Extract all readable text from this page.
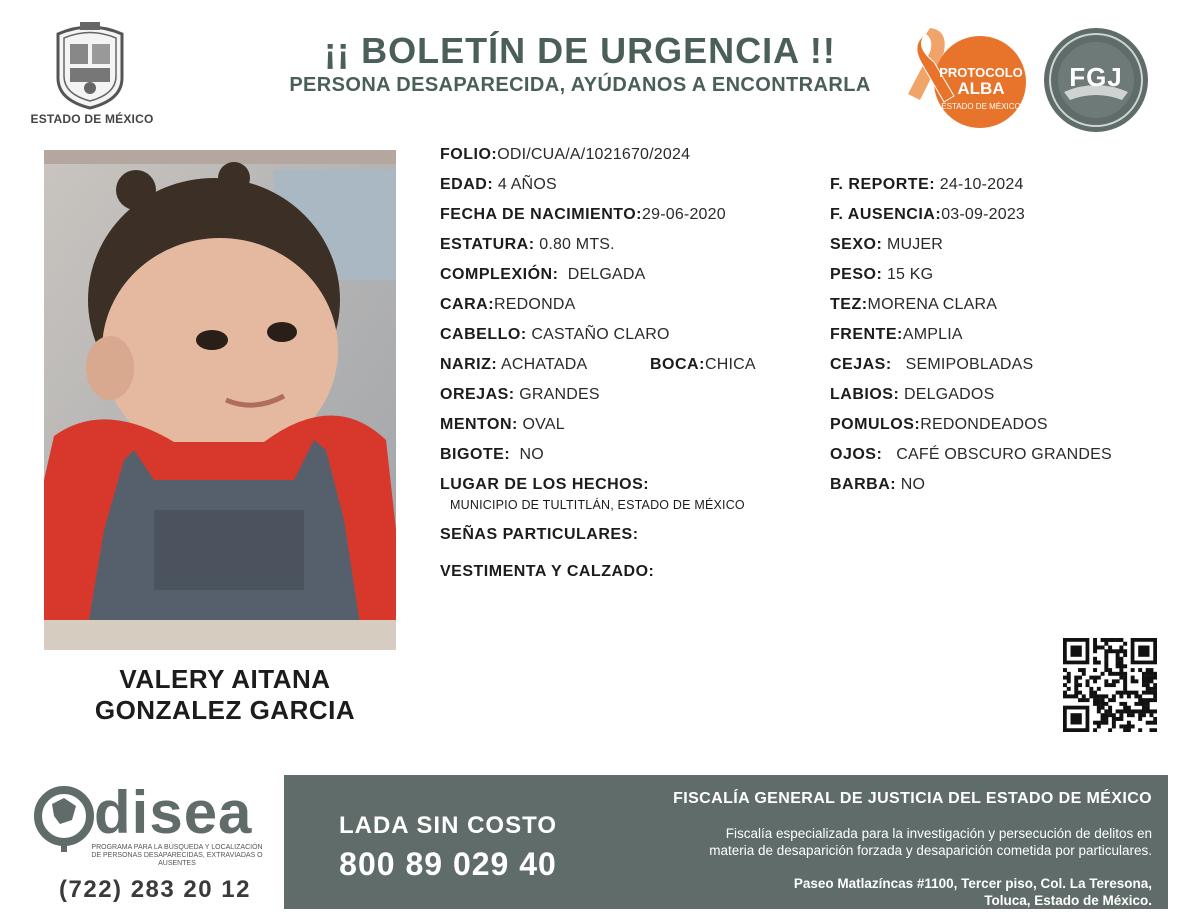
ESTADO DE MÉXICO
¡¡ BOLETÍN DE URGENCIA !!
PERSONA DESAPARECIDA, AYÚDANOS A ENCONTRARLA
PROTOCOLO
ALBA
ESTADO DE MÉXICO
FGJ
VALERY AITANA
GONZALEZ GARCIA
FOLIO:ODI/CUA/A/1021670/2024
EDAD: 4 AÑOS
FECHA DE NACIMIENTO:29-06-2020
ESTATURA: 0.80 MTS.
COMPLEXIÓN: DELGADA
CARA:REDONDA
CABELLO: CASTAÑO CLARO
NARIZ: ACHATADA	BOCA:CHICA
OREJAS: GRANDES
MENTON: OVAL
BIGOTE: NO
LUGAR DE LOS HECHOS:
MUNICIPIO DE TULTITLÁN, ESTADO DE MÉXICO
SEÑAS PARTICULARES:
VESTIMENTA Y CALZADO:
F. REPORTE: 24-10-2024
F. AUSENCIA:03-09-2023
SEXO: MUJER
PESO: 15 KG
TEZ:MORENA CLARA
FRENTE:AMPLIA
CEJAS: SEMIPOBLADAS
LABIOS: DELGADOS
POMULOS:REDONDEADOS
OJOS: CAFÉ OBSCURO GRANDES
BARBA: NO
disea
PROGRAMA PARA LA BÚSQUEDA Y LOCALIZACIÓN
DE PERSONAS DESAPARECIDAS, EXTRAVIADAS O
AUSENTES
(722) 283 20 12
LADA SIN COSTO
800 89 029 40
FISCALÍA GENERAL DE JUSTICIA DEL ESTADO DE MÉXICO
Fiscalía especializada para la investigación y persecución de delitos en
materia de desaparición forzada y desaparición cometida por particulares.
Paseo Matlazíncas #1100, Tercer piso, Col. La Teresona,
Toluca, Estado de México.
